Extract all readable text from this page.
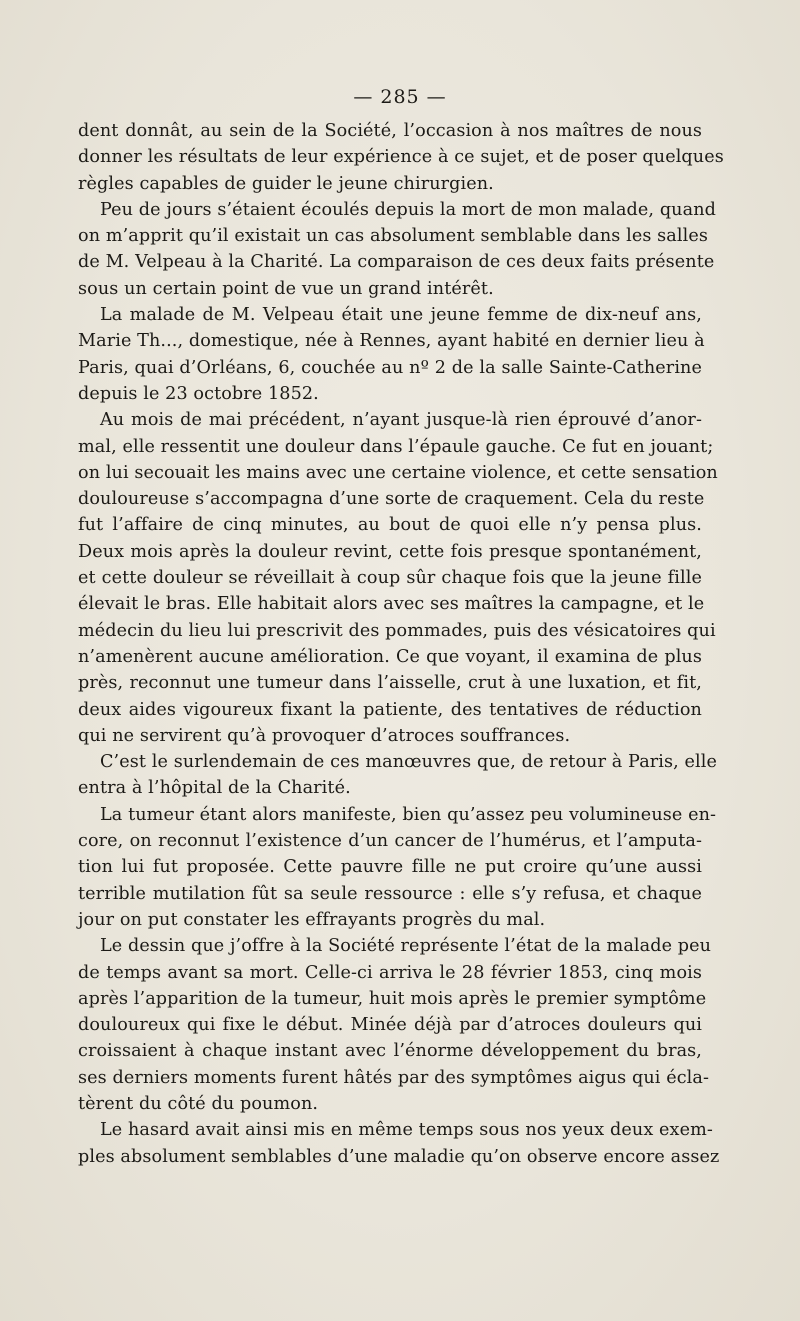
— 285 —
dent donnât, au sein de la Société, l’occasion à nos maîtres de nous
donner les résultats de leur expérience à ce sujet, et de poser quelques
règles capables de guider le jeune chirurgien.
Peu de jours s’étaient écoulés depuis la mort de mon malade, quand
on m’apprit qu’il existait un cas absolument semblable dans les salles
de M. Velpeau à la Charité. La comparaison de ces deux faits présente
sous un certain point de vue un grand intérêt.
La malade de M. Velpeau était une jeune femme de dix-neuf ans,
Marie Th..., domestique, née à Rennes, ayant habité en dernier lieu à
Paris, quai d’Orléans, 6, couchée au nº 2 de la salle Sainte-Catherine
depuis le 23 octobre 1852.
Au mois de mai précédent, n’ayant jusque-là rien éprouvé d’anor-
mal, elle ressentit une douleur dans l’épaule gauche. Ce fut en jouant;
on lui secouait les mains avec une certaine violence, et cette sensation
douloureuse s’accompagna d’une sorte de craquement. Cela du reste
fut l’affaire de cinq minutes, au bout de quoi elle n’y pensa plus.
Deux mois après la douleur revint, cette fois presque spontanément,
et cette douleur se réveillait à coup sûr chaque fois que la jeune fille
élevait le bras. Elle habitait alors avec ses maîtres la campagne, et le
médecin du lieu lui prescrivit des pommades, puis des vésicatoires qui
n’amenèrent aucune amélioration. Ce que voyant, il examina de plus
près, reconnut une tumeur dans l’aisselle, crut à une luxation, et fit,
deux aides vigoureux fixant la patiente, des tentatives de réduction
qui ne servirent qu’à provoquer d’atroces souffrances.
C’est le surlendemain de ces manœuvres que, de retour à Paris, elle
entra à l’hôpital de la Charité.
La tumeur étant alors manifeste, bien qu’assez peu volumineuse en-
core, on reconnut l’existence d’un cancer de l’humérus, et l’amputa-
tion lui fut proposée. Cette pauvre fille ne put croire qu’une aussi
terrible mutilation fût sa seule ressource : elle s’y refusa, et chaque
jour on put constater les effrayants progrès du mal.
Le dessin que j’offre à la Société représente l’état de la malade peu
de temps avant sa mort. Celle-ci arriva le 28 février 1853, cinq mois
après l’apparition de la tumeur, huit mois après le premier symptôme
douloureux qui fixe le début. Minée déjà par d’atroces douleurs qui
croissaient à chaque instant avec l’énorme développement du bras,
ses derniers moments furent hâtés par des symptômes aigus qui écla-
tèrent du côté du poumon.
Le hasard avait ainsi mis en même temps sous nos yeux deux exem-
ples absolument semblables d’une maladie qu’on observe encore assez
